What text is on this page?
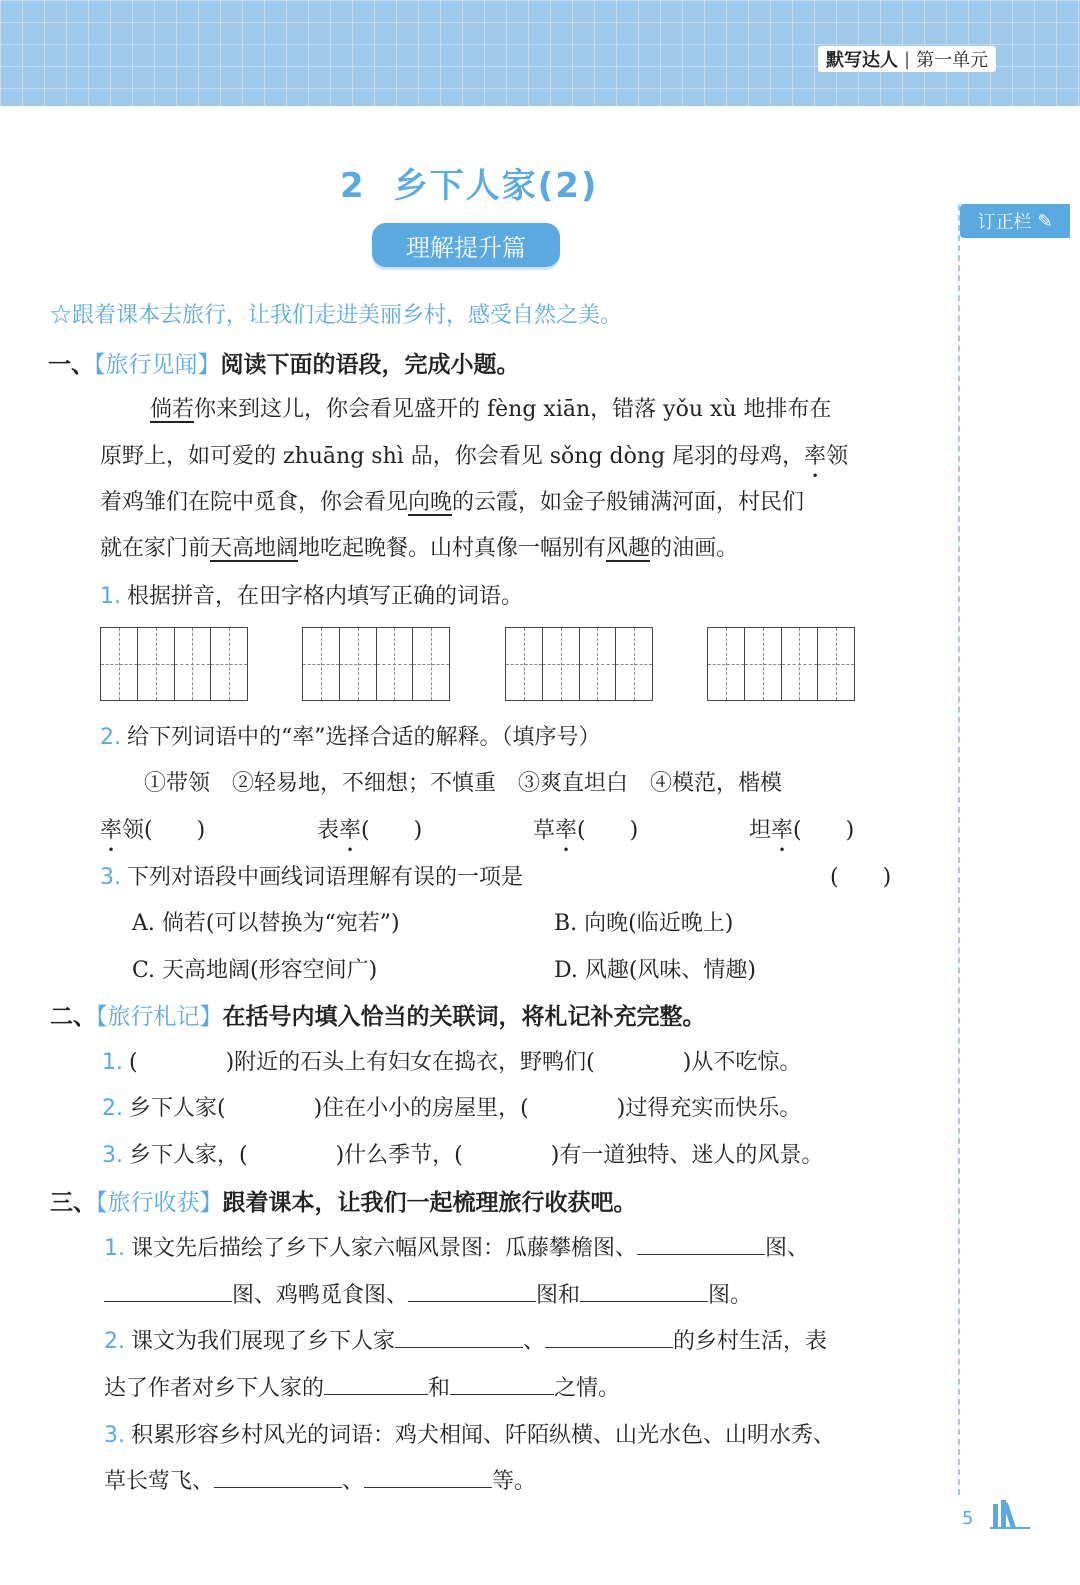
默写达人 | 第一单元
订正栏 ✎
2 乡下人家(2)
理解提升篇
☆跟着课本去旅行，让我们走进美丽乡村，感受自然之美。
一、【旅行见闻】阅读下面的语段，完成小题。
倘若你来到这儿，你会看见盛开的 fèng xiān，错落 yǒu xù 地排布在
原野上，如可爱的 zhuāng shì 品，你会看见 sǒng dòng 尾羽的母鸡，率领
着鸡雏们在院中觅食，你会看见向晚的云霞，如金子般铺满河面，村民们
就在家门前天高地阔地吃起晚餐。山村真像一幅别有风趣的油画。
1. 根据拼音，在田字格内填写正确的词语。
2. 给下列词语中的“率”选择合适的解释。（填序号）
①带领　②轻易地，不细想；不慎重　③爽直坦白　④模范，楷模
率领(　　)	表率(　　)	草率(　　)	坦率(　　)
3. 下列对语段中画线词语理解有误的一项是	(　　)
A. 倘若(可以替换为“宛若”)	B. 向晚(临近晚上)
C. 天高地阔(形容空间广)	D. 风趣(风味、情趣)
二、【旅行札记】在括号内填入恰当的关联词，将札记补充完整。
1. (　　　　)附近的石头上有妇女在捣衣，野鸭们(　　　　)从不吃惊。
2. 乡下人家(　　　　)住在小小的房屋里，(　　　　)过得充实而快乐。
3. 乡下人家，(　　　　)什么季节，(　　　　)有一道独特、迷人的风景。
三、【旅行收获】跟着课本，让我们一起梳理旅行收获吧。
1. 课文先后描绘了乡下人家六幅风景图：瓜藤攀檐图、	图、
图、鸡鸭觅食图、	图和	图。
2. 课文为我们展现了乡下人家	、	的乡村生活，表
达了作者对乡下人家的	和	之情。
3. 积累形容乡村风光的词语：鸡犬相闻、阡陌纵横、山光水色、山明水秀、
草长莺飞、	、	等。
5
